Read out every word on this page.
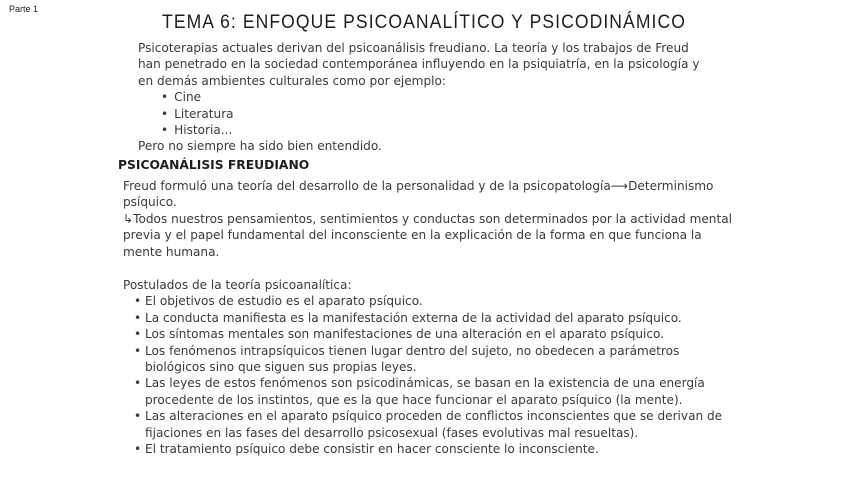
Parte 1
TEMA 6: ENFOQUE PSICOANALÍTICO Y PSICODINÁMICO

Psicoterapias actuales derivan del psicoanálisis freudiano. La teoría y los trabajos de Freud

han penetrado en la sociedad contemporánea influyendo en la psiquiatría, en la psicología y

en demás ambientes culturales como por ejemplo:

• Cine
• Literatura
• Historia...

Pero no siempre ha sido bien entendido.

PSICOANÁLISIS FREUDIANO

Freud formuló una teoría del desarrollo de la personalidad y de la psicopatología⟶Determinismo

psíquico.

↳Todos nuestros pensamientos, sentimientos y conductas son determinados por la actividad mental

previa y el papel fundamental del inconsciente en la explicación de la forma en que funciona la

mente humana.

Postulados de la teoría psicoanalítica:

• El objetivos de estudio es el aparato psíquico.
• La conducta manifiesta es la manifestación externa de la actividad del aparato psíquico.
• Los síntomas mentales son manifestaciones de una alteración en el aparato psíquico.
• Los fenómenos intrapsíquicos tienen lugar dentro del sujeto, no obedecen a parámetros
biológicos sino que siguen sus propias leyes.
• Las leyes de estos fenómenos son psicodinámicas, se basan en la existencia de una energía
procedente de los instintos, que es la que hace funcionar el aparato psíquico (la mente).
• Las alteraciones en el aparato psíquico proceden de conflictos inconscientes que se derivan de
fijaciones en las fases del desarrollo psicosexual (fases evolutivas mal resueltas).
• El tratamiento psíquico debe consistir en hacer consciente lo inconsciente.
